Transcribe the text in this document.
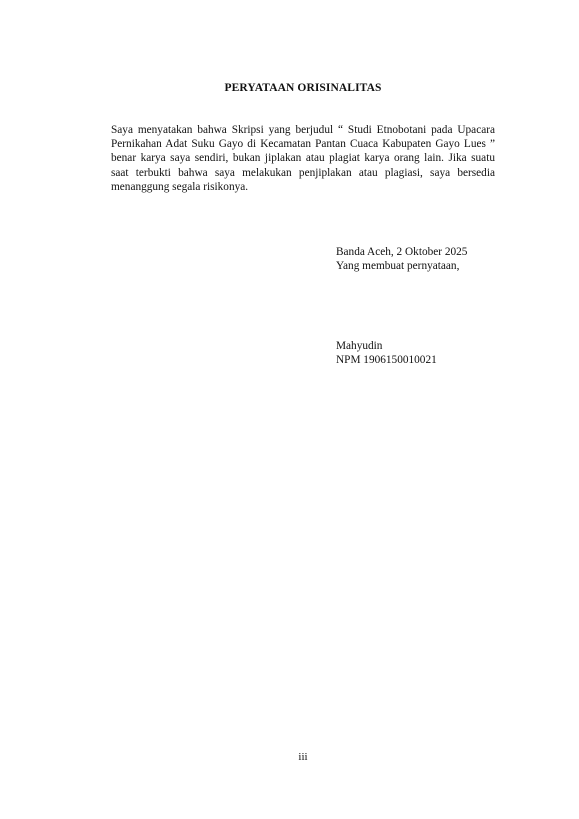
PERYATAAN ORISINALITAS

Saya menyatakan bahwa Skripsi yang berjudul “ Studi Etnobotani pada Upacara Pernikahan Adat Suku Gayo di Kecamatan Pantan Cuaca Kabupaten Gayo Lues ” benar karya saya sendiri, bukan jiplakan atau plagiat karya orang lain. Jika suatu saat terbukti bahwa saya melakukan penjiplakan atau plagiasi, saya bersedia menanggung segala risikonya.

Banda Aceh, 2 Oktober 2025
Yang membuat pernyataan,
Mahyudin
NPM 1906150010021
iii
